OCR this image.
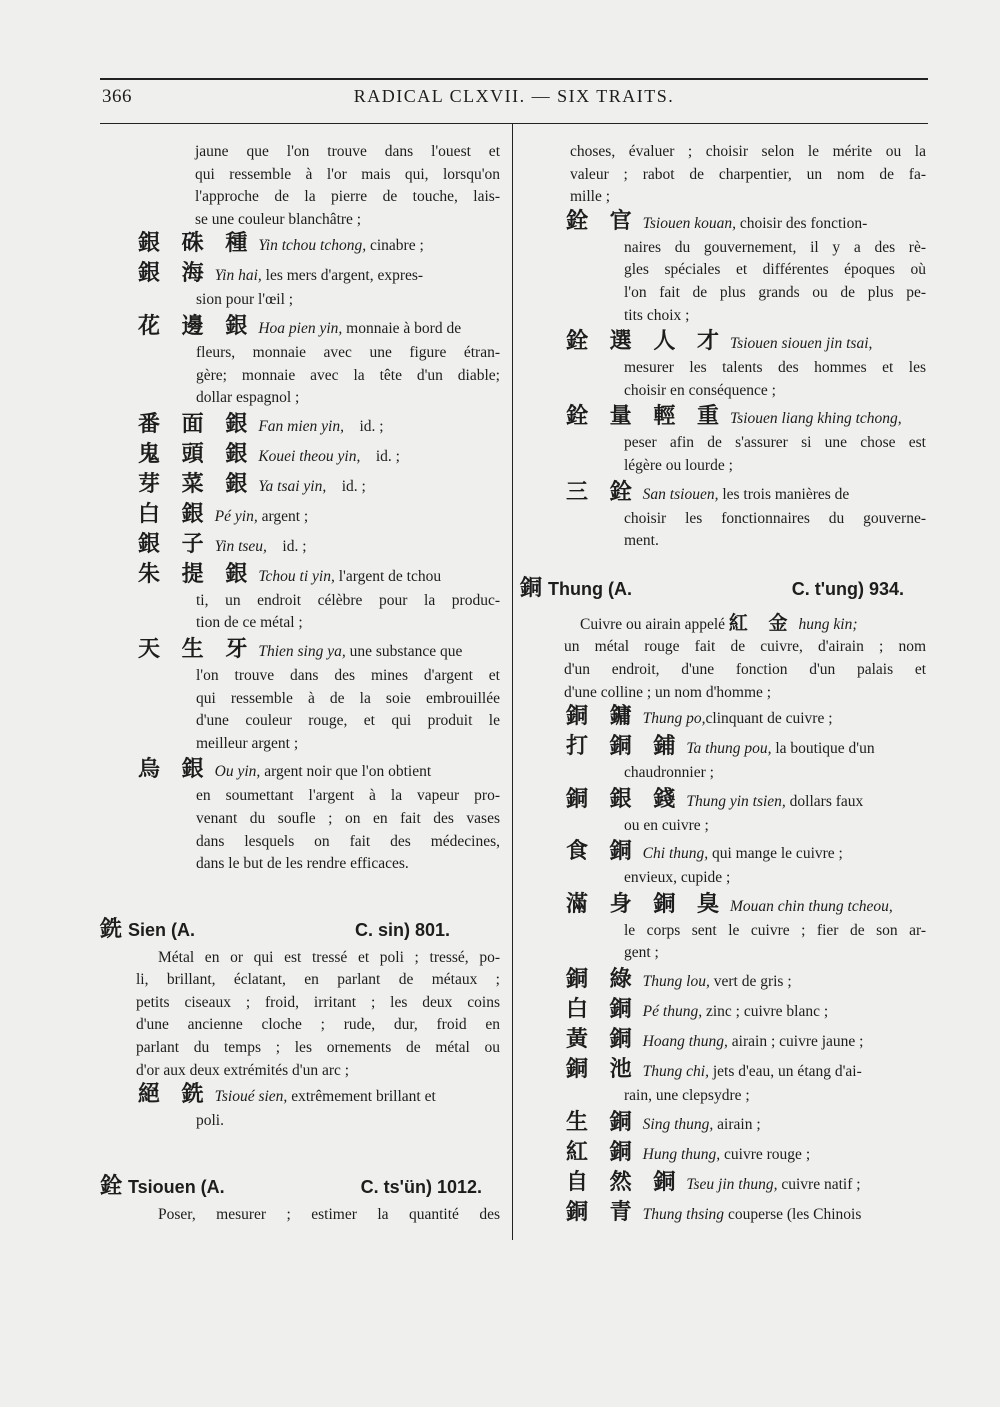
366	RADICAL CLXVII. — SIX TRAITS.
jaune que l'on trouve dans l'ouest et
qui ressemble à l'or mais qui, lorsqu'on
l'approche de la pierre de touche, lais-
se une couleur blanchâtre ;
銀 硃 種 Yin tchou tchong, cinabre ;
銀 海 Yin hai, les mers d'argent, expres-
sion pour l'œil ;
花 邊 銀 Hoa pien yin, monnaie à bord de
fleurs, monnaie avec une figure étran-
gère; monnaie avec la tête d'un diable;
dollar espagnol ;
番 面 銀 Fan mien yin, id. ;
鬼 頭 銀 Kouei theou yin, id. ;
芽 菜 銀 Ya tsai yin, id. ;
白 銀 Pé yin, argent ;
銀 子 Yin tseu, id. ;
朱 提 銀 Tchou ti yin, l'argent de tchou
ti, un endroit célèbre pour la produc-
tion de ce métal ;
天 生 牙 Thien sing ya, une substance que
l'on trouve dans des mines d'argent et
qui ressemble à de la soie embrouillée
d'une couleur rouge, et qui produit le
meilleur argent ;
烏 銀 Ou yin, argent noir que l'on obtient
en soumettant l'argent à la vapeur pro-
venant du soufle ; on en fait des vases
dans lesquels on fait des médecines,
dans le but de les rendre efficaces.
銑 Sien (A.	C. sin) 801.
Métal en or qui est tressé et poli ; tressé, po-
li, brillant, éclatant, en parlant de métaux ;
petits ciseaux ; froid, irritant ; les deux coins
d'une ancienne cloche ; rude, dur, froid en
parlant du temps ; les ornements de métal ou
d'or aux deux extrémités d'un arc ;
絕 銑 Tsioué sien, extrêmement brillant et
poli.
銓 Tsiouen (A.	C. ts'ün) 1012.
Poser, mesurer ; estimer la quantité des
choses, évaluer ; choisir selon le mérite ou la
valeur ; rabot de charpentier, un nom de fa-
mille ;
銓 官 Tsiouen kouan, choisir des fonction-
naires du gouvernement, il y a des rè-
gles spéciales et différentes époques où
l'on fait de plus grands ou de plus pe-
tits choix ;
銓 選 人 才 Tsiouen siouen jin tsai,
mesurer les talents des hommes et les
choisir en conséquence ;
銓 量 輕 重 Tsiouen liang khing tchong,
peser afin de s'assurer si une chose est
légère ou lourde ;
三 銓 San tsiouen, les trois manières de
choisir les fonctionnaires du gouverne-
ment.
銅 Thung (A.	C. t'ung) 934.
Cuivre ou airain appelé 紅 金 hung kin;
un métal rouge fait de cuivre, d'airain ; nom
d'un endroit, d'une fonction d'un palais et
d'une colline ; un nom d'homme ;
銅 鏞 Thung po, clinquant de cuivre ;
打 銅 鋪 Ta thung pou, la boutique d'un
chaudronnier ;
銅 銀 錢 Thung yin tsien, dollars faux
ou en cuivre ;
食 銅 Chi thung, qui mange le cuivre ;
envieux, cupide ;
滿 身 銅 臭 Mouan chin thung tcheou,
le corps sent le cuivre ; fier de son ar-
gent ;
銅 綠 Thung lou, vert de gris ;
白 銅 Pé thung, zinc ; cuivre blanc ;
黃 銅 Hoang thung, airain ; cuivre jaune ;
銅 池 Thung chi, jets d'eau, un étang d'ai-
rain, une clepsydre ;
生 銅 Sing thung, airain ;
紅 銅 Hung thung, cuivre rouge ;
自 然 銅 Tseu jin thung, cuivre natif ;
銅 青 Thung thsing couperse (les Chinois
